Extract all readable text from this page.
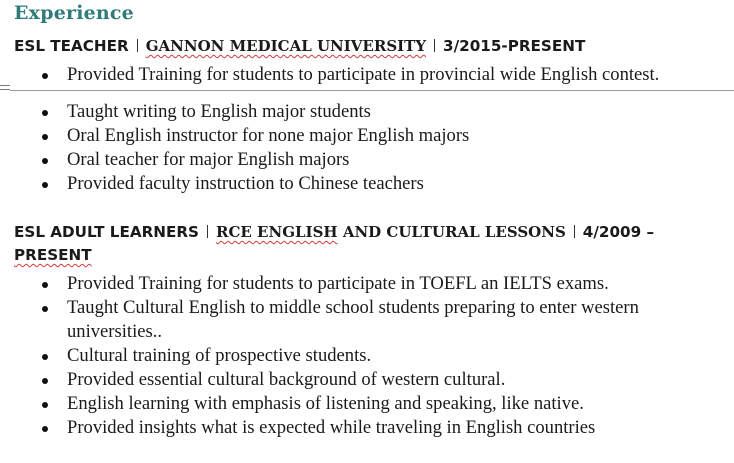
Experience
ESL TEACHER GANNON MEDICAL UNIVERSITY 3/2015-PRESENT
Provided Training for students to participate in provincial wide English contest.
Taught writing to English major students
Oral English instructor for none major English majors
Oral teacher for major English majors
Provided faculty instruction to Chinese teachers
ESL ADULT LEARNERS RCE ENGLISH AND CULTURAL LESSONS 4/2009 –
PRESENT
Provided Training for students to participate in TOEFL an IELTS exams.
Taught Cultural English to middle school students preparing to enter western universities..
Cultural training of prospective students.
Provided essential cultural background of western cultural.
English learning with emphasis of listening and speaking, like native.
Provided insights what is expected while traveling in English countries
